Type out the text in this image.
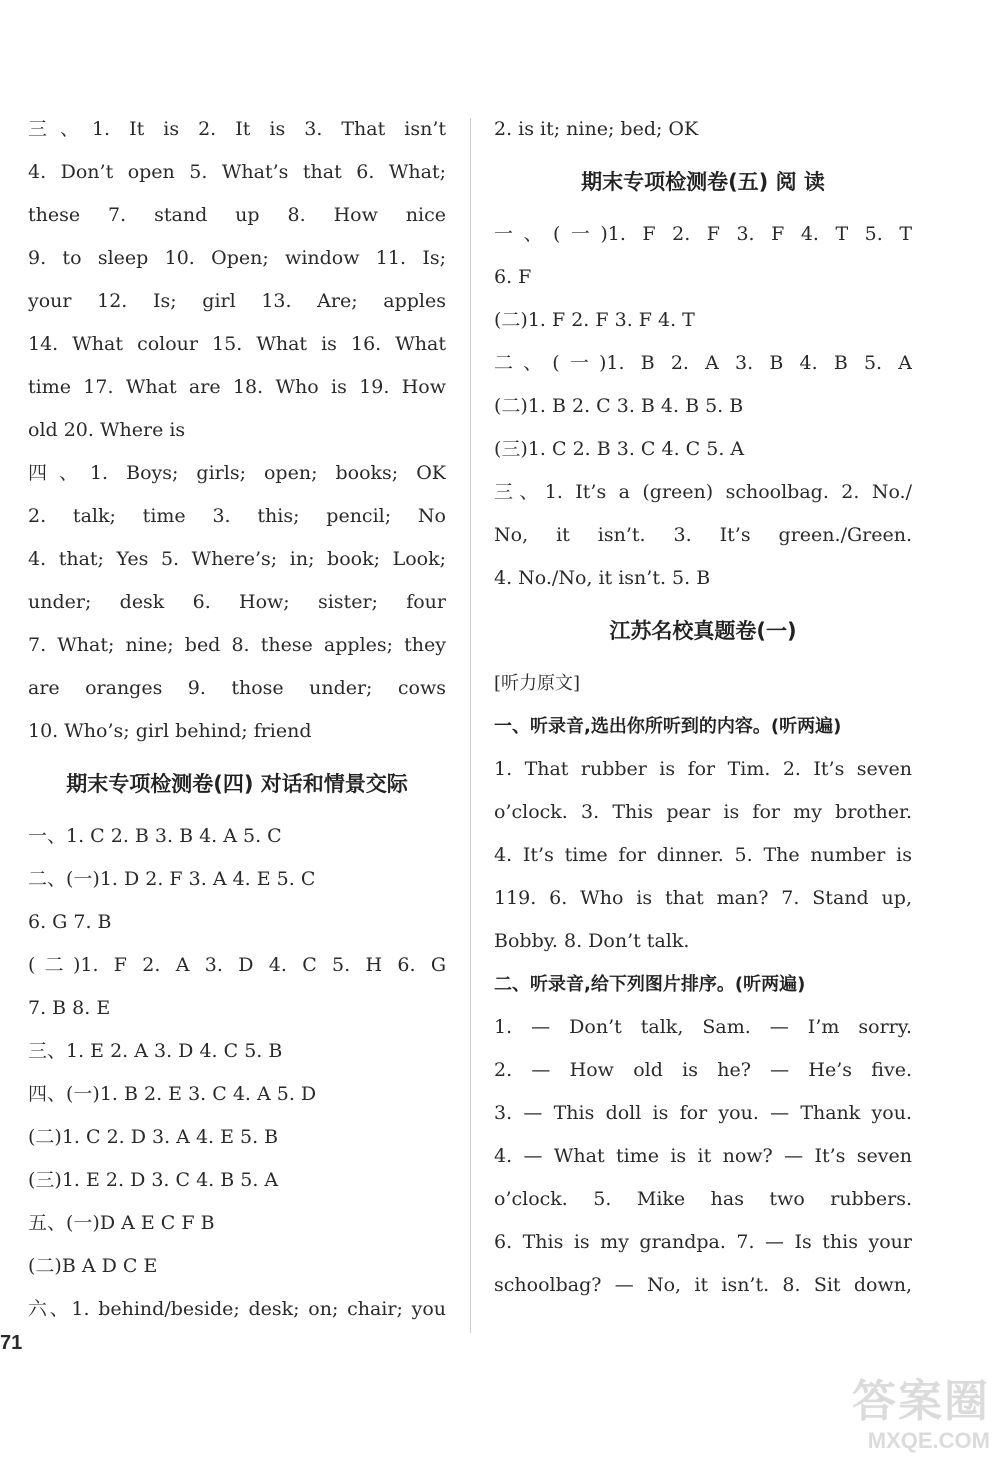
三、1. It is 2. It is 3. That isn’t
4. Don’t open 5. What’s that 6. What;
these 7. stand up 8. How nice
9. to sleep 10. Open; window 11. Is;
your 12. Is; girl 13. Are; apples
14. What colour 15. What is 16. What
time 17. What are 18. Who is 19. How
old 20. Where is
四、1. Boys; girls; open; books; OK
2. talk; time 3. this; pencil; No
4. that; Yes 5. Where’s; in; book; Look;
under; desk 6. How; sister; four
7. What; nine; bed 8. these apples; they
are oranges 9. those under; cows
10. Who’s; girl behind; friend
期末专项检测卷(四) 对话和情景交际
一、1. C 2. B 3. B 4. A 5. C
二、(一)1. D 2. F 3. A 4. E 5. C
6. G 7. B
(二)1. F 2. A 3. D 4. C 5. H 6. G
7. B 8. E
三、1. E 2. A 3. D 4. C 5. B
四、(一)1. B 2. E 3. C 4. A 5. D
(二)1. C 2. D 3. A 4. E 5. B
(三)1. E 2. D 3. C 4. B 5. A
五、(一)D A E C F B
(二)B A D C E
六、1. behind/beside; desk; on; chair; you
2. is it; nine; bed; OK
期末专项检测卷(五) 阅 读
一、(一)1. F 2. F 3. F 4. T 5. T
6. F
(二)1. F 2. F 3. F 4. T
二、(一)1. B 2. A 3. B 4. B 5. A
(二)1. B 2. C 3. B 4. B 5. B
(三)1. C 2. B 3. C 4. C 5. A
三、1. It’s a (green) schoolbag. 2. No./
No, it isn’t. 3. It’s green./Green.
4. No./No, it isn’t. 5. B
江苏名校真题卷(一)
[听力原文]
一、听录音,选出你所听到的内容。(听两遍)
1. That rubber is for Tim. 2. It’s seven
o’clock. 3. This pear is for my brother.
4. It’s time for dinner. 5. The number is
119. 6. Who is that man? 7. Stand up,
Bobby. 8. Don’t talk.
二、听录音,给下列图片排序。(听两遍)
1. — Don’t talk, Sam. — I’m sorry.
2. — How old is he? — He’s five.
3. — This doll is for you. — Thank you.
4. — What time is it now? — It’s seven
o’clock. 5. Mike has two rubbers.
6. This is my grandpa. 7. — Is this your
schoolbag? — No, it isn’t. 8. Sit down,
71
答案圈
MXQE.COM
